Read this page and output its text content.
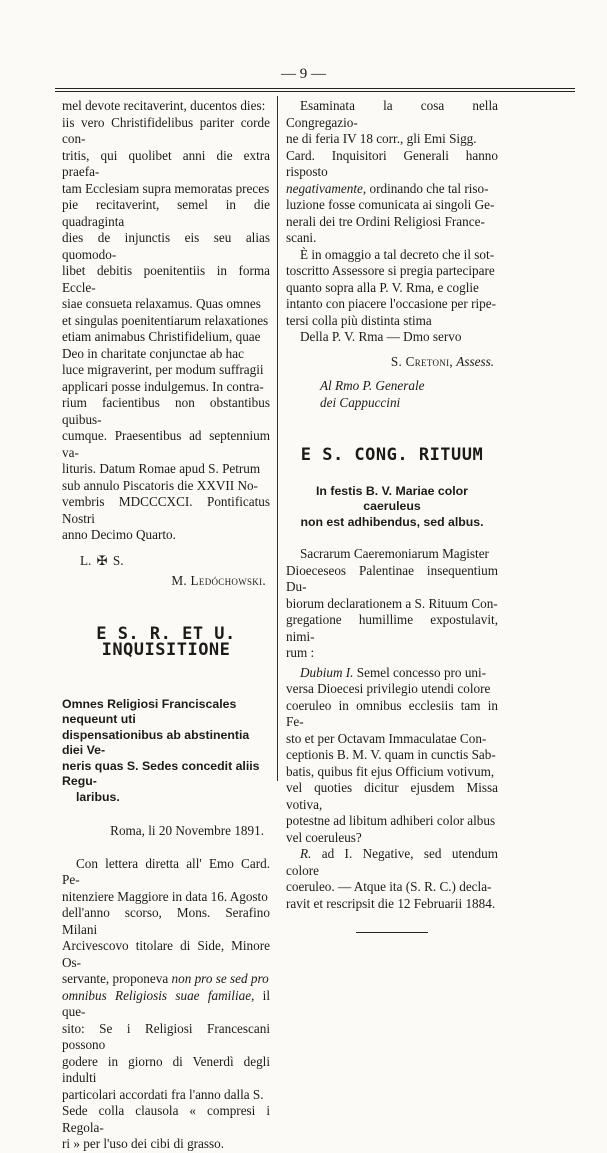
— 9 —
mel devote recitaverint, ducentos dies:
iis vero Christifidelibus pariter corde con-
tritis, qui quolibet anni die extra praefa-
tam Ecclesiam supra memoratas preces
pie recitaverint, semel in die quadraginta
dies de injunctis eis seu alias quomodo-
libet debitis poenitentiis in forma Eccle-
siae consueta relaxamus. Quas omnes
et singulas poenitentiarum relaxationes
etiam animabus Christifidelium, quae
Deo in charitate conjunctae ab hac
luce migraverint, per modum suffragii
applicari posse indulgemus. In contra-
rium facientibus non obstantibus quibus-
cumque. Praesentibus ad septennium va-
lituris. Datum Romae apud S. Petrum
sub annulo Piscatoris die XXVII No-
vembris MDCCCXCI. Pontificatus Nostri
anno Decimo Quarto.
L. ✠ S.
M. Ledóchowski.
E S. R. ET U. INQUISITIONE
Omnes Religiosi Franciscales nequeunt uti
dispensationibus ab abstinentia diei Ve-
neris quas S. Sedes concedit aliis Regu-
laribus.
Roma, li 20 Novembre 1891.
Con lettera diretta all' Emo Card. Pe-
nitenziere Maggiore in data 16. Agosto
dell'anno scorso, Mons. Serafino Milani
Arcivescovo titolare di Side, Minore Os-
servante, proponeva non pro se sed pro
omnibus Religiosis suae familiae, il que-
sito: Se i Religiosi Francescani possono
godere in giorno di Venerdì degli indulti
particolari accordati fra l'anno dalla S.
Sede colla clausola « compresi i Regola-
ri » per l'uso dei cibi di grasso.
Esaminata la cosa nella Congregazio-
ne di feria IV 18 corr., gli Emi Sigg.
Card. Inquisitori Generali hanno risposto
negativamente, ordinando che tal riso-
luzione fosse comunicata ai singoli Ge-
nerali dei tre Ordini Religiosi France-
scani.
È in omaggio a tal decreto che il sot-
toscritto Assessore si pregia partecipare
quanto sopra alla P. V. Rma, e coglie
intanto con piacere l'occasione per ripe-
tersi colla più distinta stima
Della P. V. Rma — Dmo servo
S. Cretoni, Assess.
Al Rmo P. Generale
dei Cappuccini
E S. CONG. RITUUM
In festis B. V. Mariae color caeruleus
non est adhibendus, sed albus.
Sacrarum Caeremoniarum Magister
Dioeceseos Palentinae insequentium Du-
biorum declarationem a S. Rituum Con-
gregatione humillime expostulavit, nimi-
rum :
Dubium I. Semel concesso pro uni-
versa Dioecesi privilegio utendi colore
coeruleo in omnibus ecclesiis tam in Fe-
sto et per Octavam Immaculatae Con-
ceptionis B. M. V. quam in cunctis Sab-
batis, quibus fit ejus Officium votivum,
vel quoties dicitur ejusdem Missa votiva,
potestne ad libitum adhiberi color albus
vel coeruleus?
R. ad I. Negative, sed utendum colore
coeruleo. — Atque ita (S. R. C.) decla-
ravit et rescripsit die 12 Februarii 1884.
